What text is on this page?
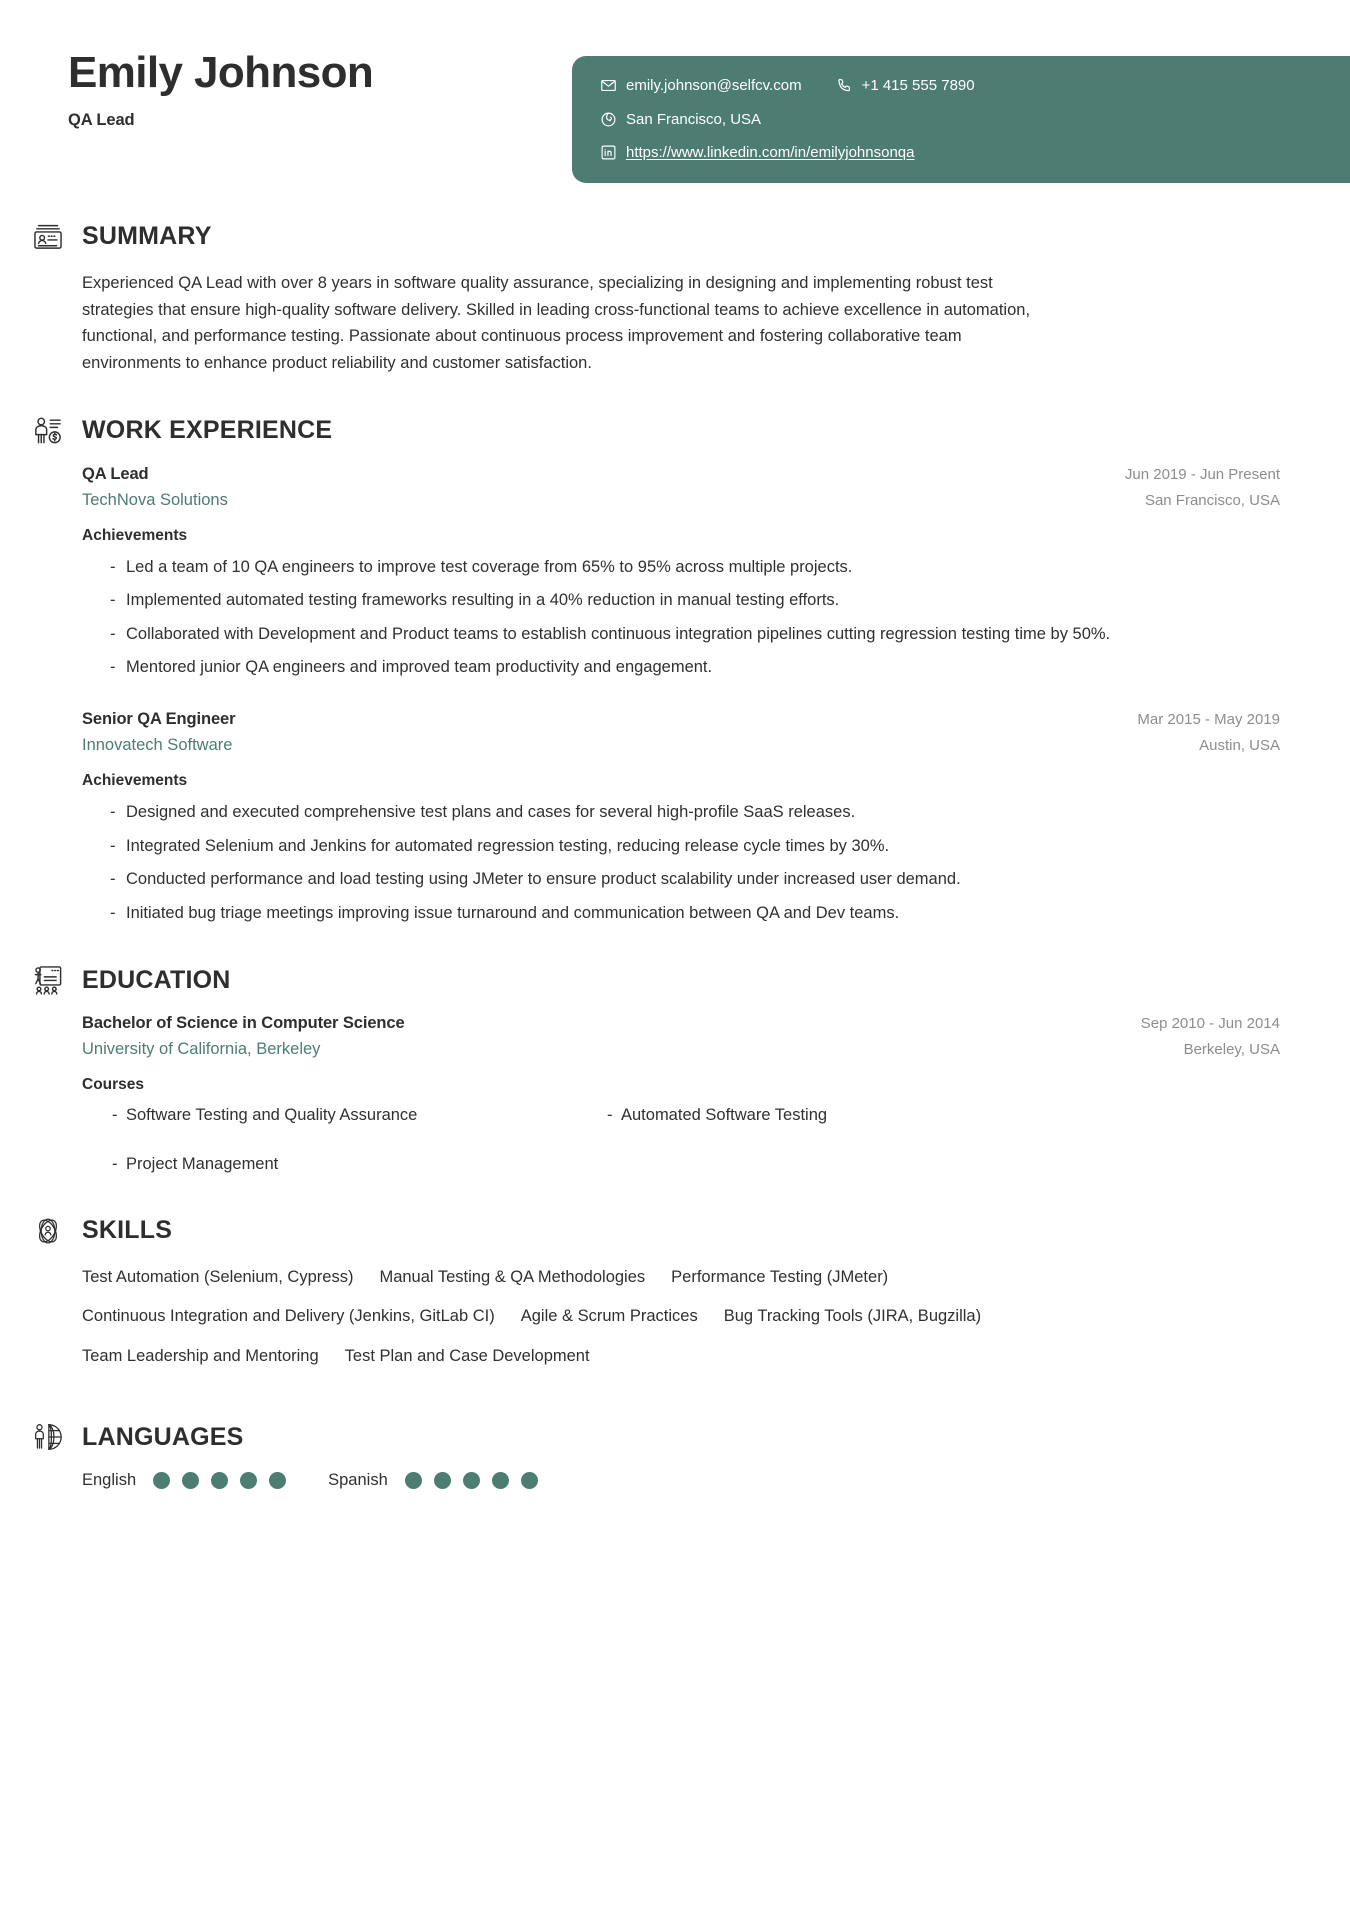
Emily Johnson
QA Lead
emily.johnson@selfcv.com	+1 415 555 7890
San Francisco, USA
https://www.linkedin.com/in/emilyjohnsonqa
SUMMARY

Experienced QA Lead with over 8 years in software quality assurance, specializing in designing and implementing robust test strategies that ensure high-quality software delivery. Skilled in leading cross-functional teams to achieve excellence in automation, functional, and performance testing. Passionate about continuous process improvement and fostering collaborative team environments to enhance product reliability and customer satisfaction.

WORK EXPERIENCE
QA Lead	Jun 2019 - Jun Present
TechNova Solutions	San Francisco, USA
Achievements
- Led a team of 10 QA engineers to improve test coverage from 65% to 95% across multiple projects.
- Implemented automated testing frameworks resulting in a 40% reduction in manual testing efforts.
- Collaborated with Development and Product teams to establish continuous integration pipelines cutting regression testing time by 50%.
- Mentored junior QA engineers and improved team productivity and engagement.
Senior QA Engineer	Mar 2015 - May 2019
Innovatech Software	Austin, USA
Achievements
- Designed and executed comprehensive test plans and cases for several high-profile SaaS releases.
- Integrated Selenium and Jenkins for automated regression testing, reducing release cycle times by 30%.
- Conducted performance and load testing using JMeter to ensure product scalability under increased user demand.
- Initiated bug triage meetings improving issue turnaround and communication between QA and Dev teams.
EDUCATION
Bachelor of Science in Computer Science	Sep 2010 - Jun 2014
University of California, Berkeley	Berkeley, USA
Courses
- Software Testing and Quality Assurance	- Automated Software Testing
- Project Management
SKILLS
Test Automation (Selenium, Cypress) Manual Testing & QA Methodologies Performance Testing (JMeter)
Continuous Integration and Delivery (Jenkins, GitLab CI) Agile & Scrum Practices Bug Tracking Tools (JIRA, Bugzilla)
Team Leadership and Mentoring Test Plan and Case Development
LANGUAGES
English	Spanish
